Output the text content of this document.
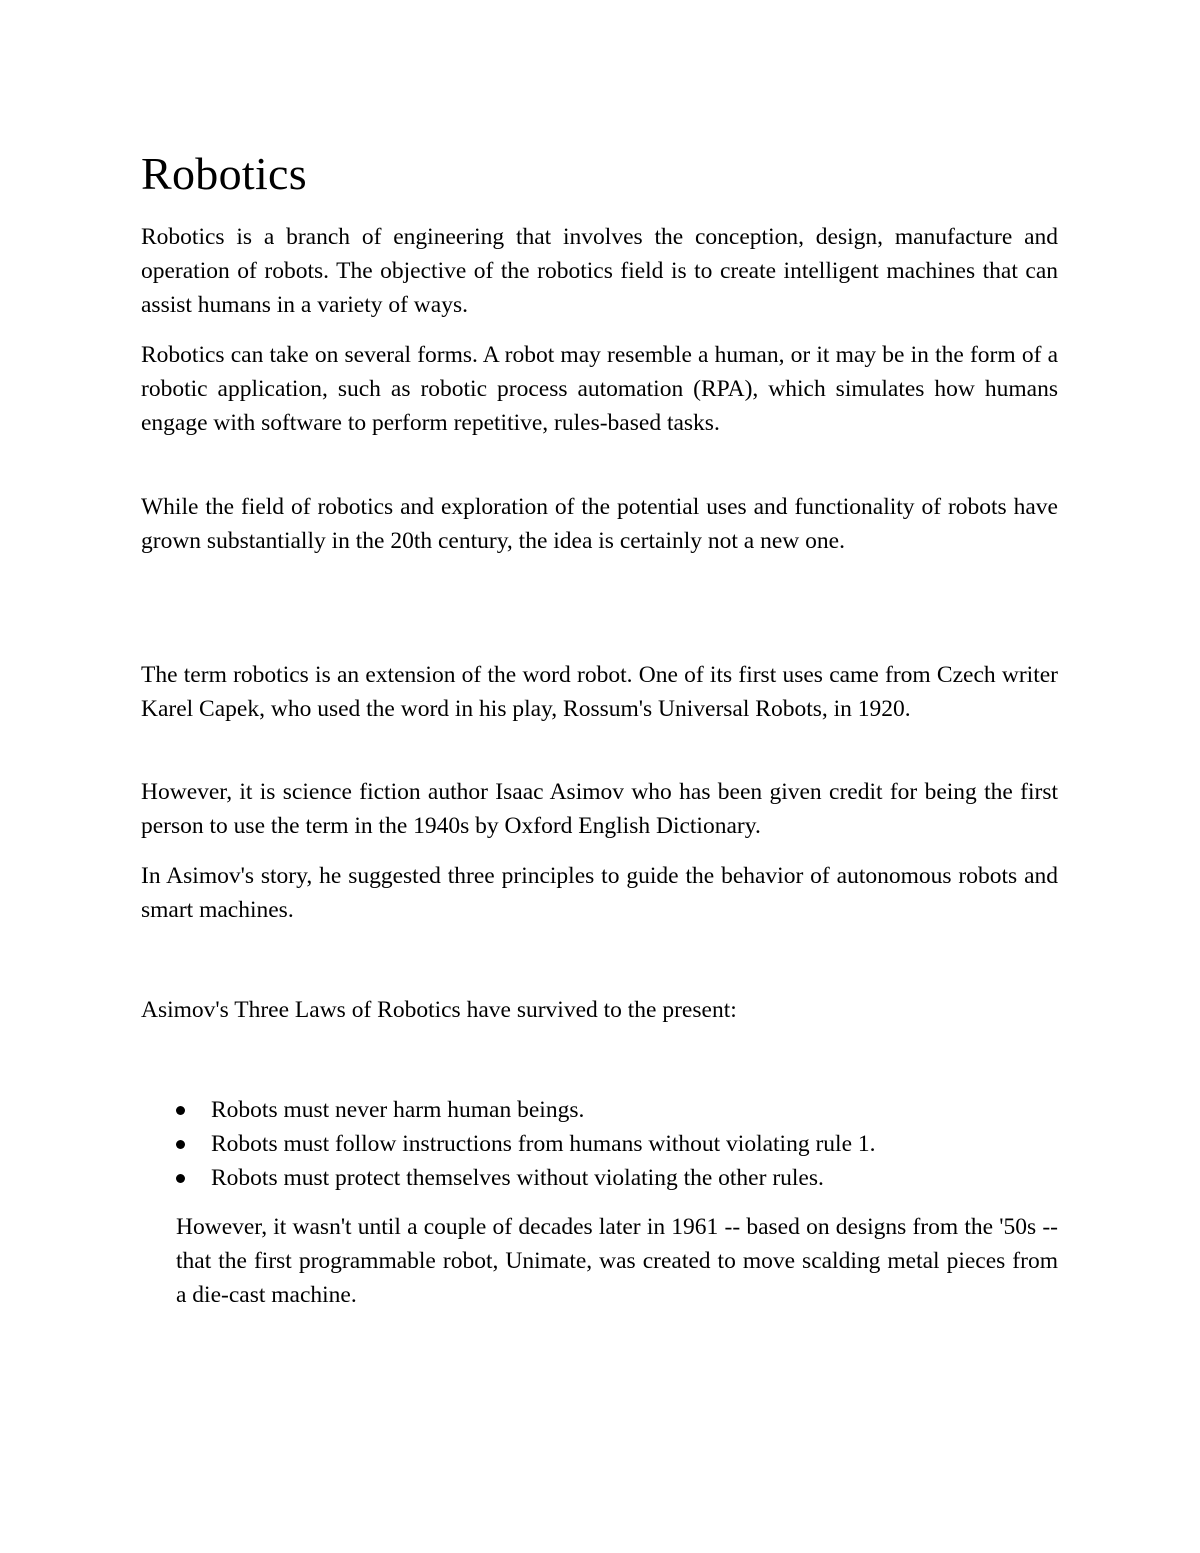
Robotics

Robotics is a branch of engineering that involves the conception, design, manufacture and operation of robots. The objective of the robotics field is to create intelligent machines that can assist humans in a variety of ways.

Robotics can take on several forms. A robot may resemble a human, or it may be in the form of a robotic application, such as robotic process automation (RPA), which simulates how humans engage with software to perform repetitive, rules-based tasks.

While the field of robotics and exploration of the potential uses and functionality of robots have grown substantially in the 20th century, the idea is certainly not a new one.

The term robotics is an extension of the word robot. One of its first uses came from Czech writer Karel Capek, who used the word in his play, Rossum's Universal Robots, in 1920.

However, it is science fiction author Isaac Asimov who has been given credit for being the first person to use the term in the 1940s by Oxford English Dictionary.

In Asimov's story, he suggested three principles to guide the behavior of autonomous robots and smart machines.

Asimov's Three Laws of Robotics have survived to the present:

Robots must never harm human beings.
Robots must follow instructions from humans without violating rule 1.
Robots must protect themselves without violating the other rules.

However, it wasn't until a couple of decades later in 1961 -- based on designs from the '50s -- that the first programmable robot, Unimate, was created to move scalding metal pieces from a die-cast machine.
